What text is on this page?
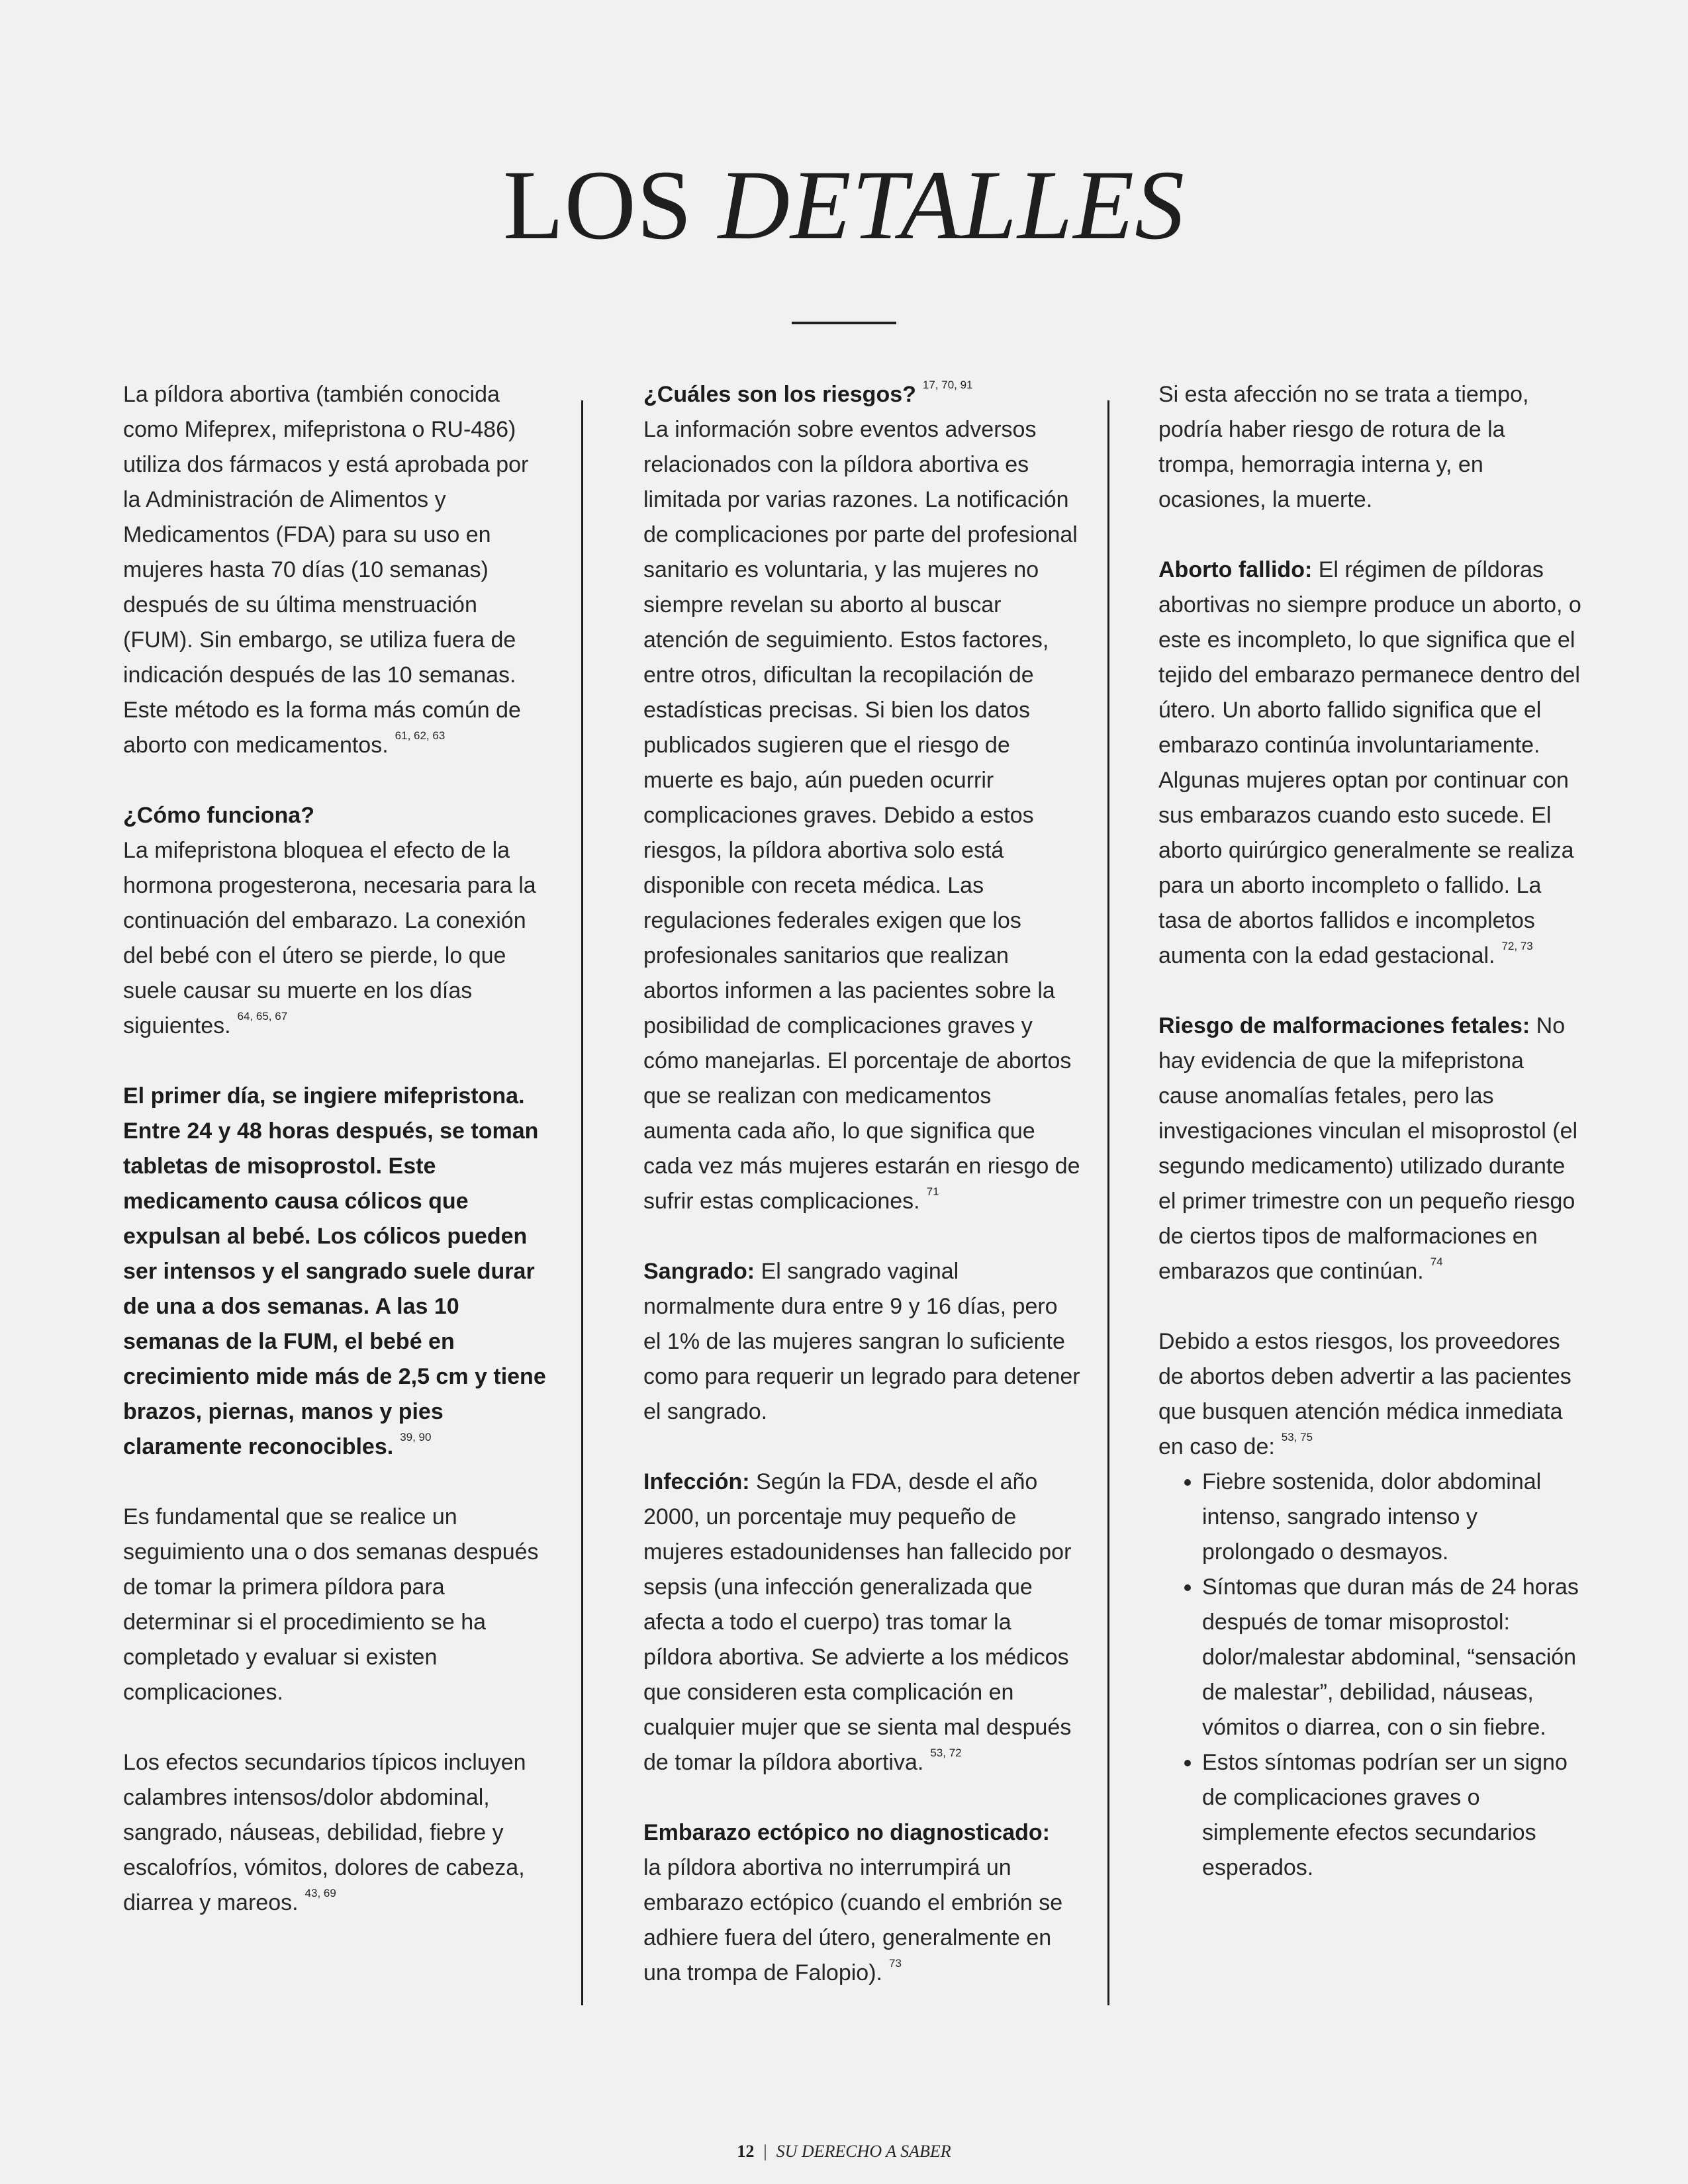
LOS DETALLES

La píldora abortiva (también conocida como Mifeprex, mifepristona o RU-486) utiliza dos fármacos y está aprobada por la Administración de Alimentos y Medicamentos (FDA) para su uso en mujeres hasta 70 días (10 semanas) después de su última menstruación (FUM). Sin embargo, se utiliza fuera de indicación después de las 10 semanas. Este método es la forma más común de aborto con medicamentos. $^{61, 62, 63}$

¿Cómo funciona?
La mifepristona bloquea el efecto de la hormona progesterona, necesaria para la continuación del embarazo. La conexión del bebé con el útero se pierde, lo que suele causar su muerte en los días siguientes. $^{64, 65, 67}$

El primer día, se ingiere mifepristona. Entre 24 y 48 horas después, se toman tabletas de misoprostol. Este medicamento causa cólicos que expulsan al bebé. Los cólicos pueden ser intensos y el sangrado suele durar de una a dos semanas. A las 10 semanas de la FUM, el bebé en crecimiento mide más de 2,5 cm y tiene brazos, piernas, manos y pies claramente reconocibles. $^{39, 90}$

Es fundamental que se realice un seguimiento una o dos semanas después de tomar la primera píldora para determinar si el procedimiento se ha completado y evaluar si existen complicaciones.

Los efectos secundarios típicos incluyen calambres intensos/dolor abdominal, sangrado, náuseas, debilidad, fiebre y escalofríos, vómitos, dolores de cabeza, diarrea y mareos. $^{43, 69}$

¿Cuáles son los riesgos? $^{17, 70, 91}$
La información sobre eventos adversos relacionados con la píldora abortiva es limitada por varias razones. La notificación de complicaciones por parte del profesional sanitario es voluntaria, y las mujeres no siempre revelan su aborto al buscar atención de seguimiento. Estos factores, entre otros, dificultan la recopilación de estadísticas precisas. Si bien los datos publicados sugieren que el riesgo de muerte es bajo, aún pueden ocurrir complicaciones graves. Debido a estos riesgos, la píldora abortiva solo está disponible con receta médica. Las regulaciones federales exigen que los profesionales sanitarios que realizan abortos informen a las pacientes sobre la posibilidad de complicaciones graves y cómo manejarlas. El porcentaje de abortos que se realizan con medicamentos aumenta cada año, lo que significa que cada vez más mujeres estarán en riesgo de sufrir estas complicaciones. $^{71}$

Sangrado: El sangrado vaginal normalmente dura entre 9 y 16 días, pero el 1% de las mujeres sangran lo suficiente como para requerir un legrado para detener el sangrado.

Infección: Según la FDA, desde el año 2000, un porcentaje muy pequeño de mujeres estadounidenses han fallecido por sepsis (una infección generalizada que afecta a todo el cuerpo) tras tomar la píldora abortiva. Se advierte a los médicos que consideren esta complicación en cualquier mujer que se sienta mal después de tomar la píldora abortiva. $^{53, 72}$

Embarazo ectópico no diagnosticado:
la píldora abortiva no interrumpirá un embarazo ectópico (cuando el embrión se adhiere fuera del útero, generalmente en una trompa de Falopio). $^{73}$

Si esta afección no se trata a tiempo, podría haber riesgo de rotura de la trompa, hemorragia interna y, en ocasiones, la muerte.

Aborto fallido: El régimen de píldoras abortivas no siempre produce un aborto, o este es incompleto, lo que significa que el tejido del embarazo permanece dentro del útero. Un aborto fallido significa que el embarazo continúa involuntariamente. Algunas mujeres optan por continuar con sus embarazos cuando esto sucede. El aborto quirúrgico generalmente se realiza para un aborto incompleto o fallido. La tasa de abortos fallidos e incompletos aumenta con la edad gestacional. $^{72, 73}$

Riesgo de malformaciones fetales: No hay evidencia de que la mifepristona cause anomalías fetales, pero las investigaciones vinculan el misoprostol (el segundo medicamento) utilizado durante el primer trimestre con un pequeño riesgo de ciertos tipos de malformaciones en embarazos que continúan. $^{74}$

Debido a estos riesgos, los proveedores de abortos deben advertir a las pacientes que busquen atención médica inmediata en caso de: $^{53, 75}$
• Fiebre sostenida, dolor abdominal intenso, sangrado intenso y prolongado o desmayos.
• Síntomas que duran más de 24 horas después de tomar misoprostol: dolor/malestar abdominal, “sensación de malestar”, debilidad, náuseas, vómitos o diarrea, con o sin fiebre.
• Estos síntomas podrían ser un signo de complicaciones graves o simplemente efectos secundarios esperados.
12 | SU DERECHO A SABER
